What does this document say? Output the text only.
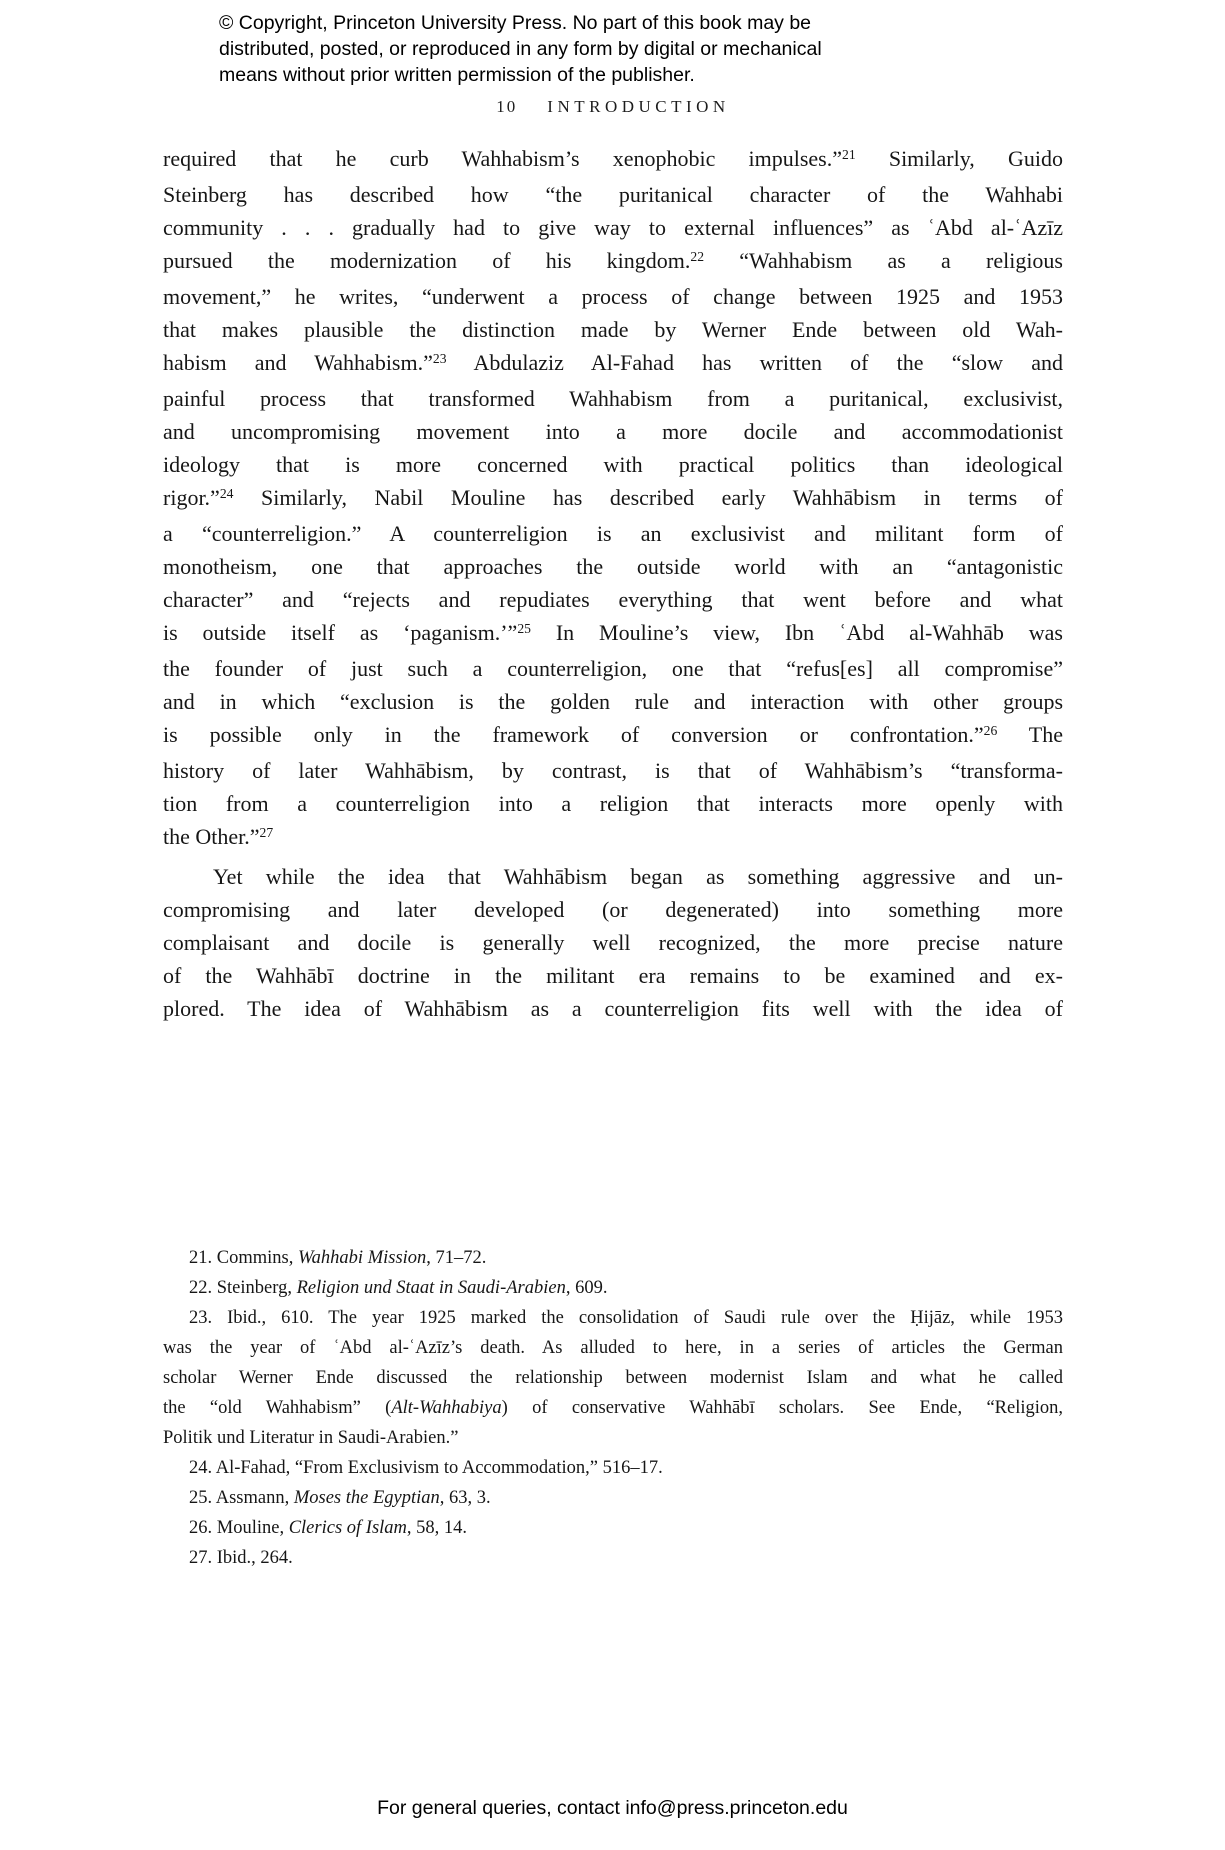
© Copyright, Princeton University Press. No part of this book may be
distributed, posted, or reproduced in any form by digital or mechanical
means without prior written permission of the publisher.
10 INTRODUCTION
required that he curb Wahhabism’s xenophobic impulses.”$^{21}$ Similarly, Guido
Steinberg has described how “the puritanical character of the Wahhabi
community . . . gradually had to give way to external influences” as ʿAbd al-ʿAzīz
pursued the modernization of his kingdom.$^{22}$ “Wahhabism as a religious
movement,” he writes, “underwent a process of change between 1925 and 1953
that makes plausible the distinction made by Werner Ende between old Wah-
habism and Wahhabism.”$^{23}$ Abdulaziz Al-Fahad has written of the “slow and
painful process that transformed Wahhabism from a puritanical, exclusivist,
and uncompromising movement into a more docile and accommodationist
ideology that is more concerned with practical politics than ideological
rigor.”$^{24}$ Similarly, Nabil Mouline has described early Wahhābism in terms of
a “counterreligion.” A counterreligion is an exclusivist and militant form of
monotheism, one that approaches the outside world with an “antagonistic
character” and “rejects and repudiates everything that went before and what
is outside itself as ‘paganism.’”$^{25}$ In Mouline’s view, Ibn ʿAbd al-Wahhāb was
the founder of just such a counterreligion, one that “refus[es] all compromise”
and in which “exclusion is the golden rule and interaction with other groups
is possible only in the framework of conversion or confrontation.”$^{26}$ The
history of later Wahhābism, by contrast, is that of Wahhābism’s “transforma-
tion from a counterreligion into a religion that interacts more openly with
the Other.”$^{27}$
Yet while the idea that Wahhābism began as something aggressive and un-
compromising and later developed (or degenerated) into something more
complaisant and docile is generally well recognized, the more precise nature
of the Wahhābī doctrine in the militant era remains to be examined and ex-
plored. The idea of Wahhābism as a counterreligion fits well with the idea of
21. Commins, Wahhabi Mission, 71–72.
22. Steinberg, Religion und Staat in Saudi-Arabien, 609.
23. Ibid., 610. The year 1925 marked the consolidation of Saudi rule over the Ḥijāz, while 1953
was the year of ʿAbd al-ʿAzīz’s death. As alluded to here, in a series of articles the German
scholar Werner Ende discussed the relationship between modernist Islam and what he called
the “old Wahhabism” (Alt-Wahhabiya) of conservative Wahhābī scholars. See Ende, “Religion,
Politik und Literatur in Saudi-Arabien.”
24. Al-Fahad, “From Exclusivism to Accommodation,” 516–17.
25. Assmann, Moses the Egyptian, 63, 3.
26. Mouline, Clerics of Islam, 58, 14.
27. Ibid., 264.
For general queries, contact info@press.princeton.edu
